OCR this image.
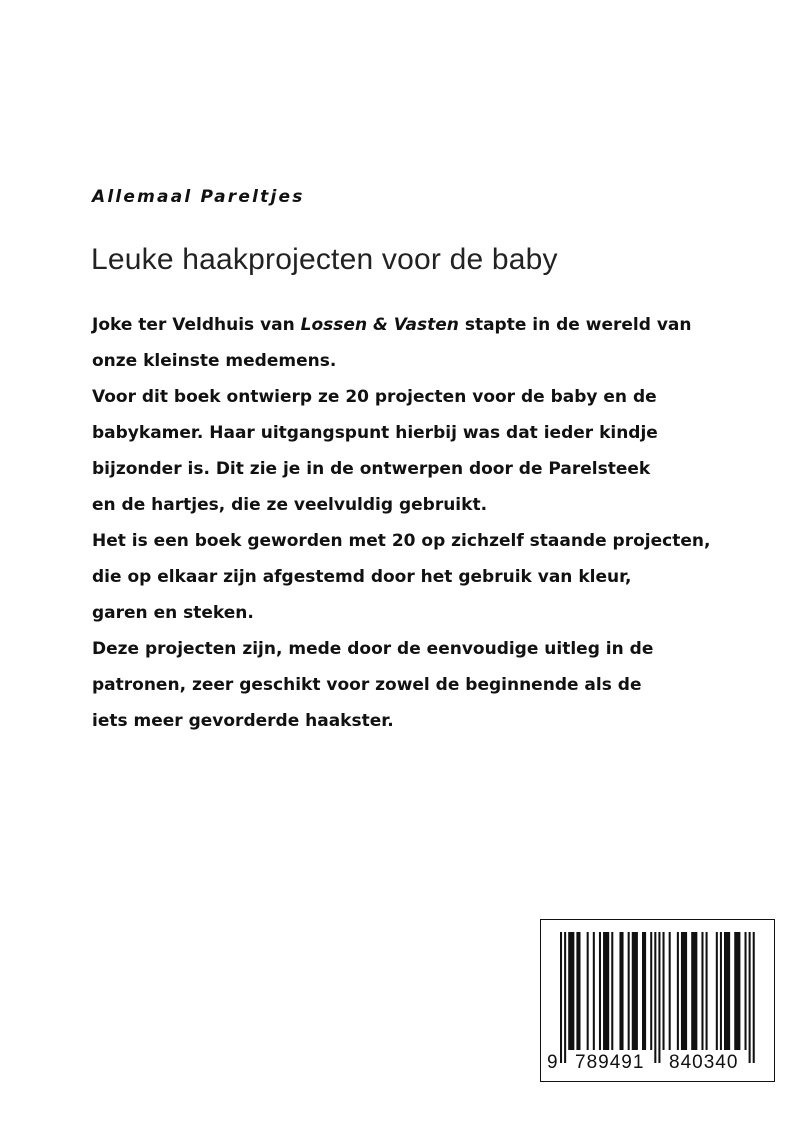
Allemaal Pareltjes
Leuke haakprojecten voor de baby
Joke ter Veldhuis van Lossen & Vasten stapte in de wereld van
onze kleinste medemens.
Voor dit boek ontwierp ze 20 projecten voor de baby en de
babykamer. Haar uitgangspunt hierbij was dat ieder kindje
bijzonder is. Dit zie je in de ontwerpen door de Parelsteek
en de hartjes, die ze veelvuldig gebruikt.
Het is een boek geworden met 20 op zichzelf staande projecten,
die op elkaar zijn afgestemd door het gebruik van kleur,
garen en steken.
Deze projecten zijn, mede door de eenvoudige uitleg in de
patronen, zeer geschikt voor zowel de beginnende als de
iets meer gevorderde haakster.
9 789491 840340
